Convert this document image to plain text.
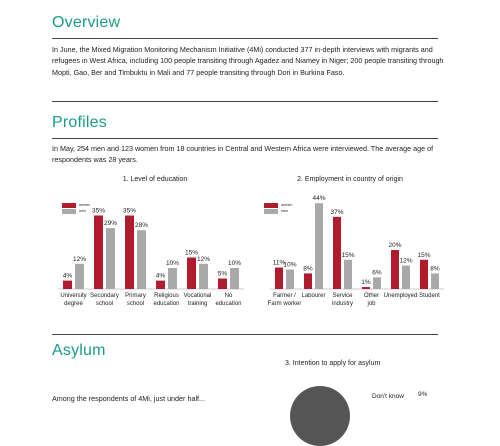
Overview

In June, the Mixed Migration Monitoring Mechanism Initiative (4Mi) conducted 377 in-depth interviews with migrants and refugees in West Africa, including 100 people transiting through Agadez and Niamey in Niger; 200 people transiting through Mopti, Gao, Ber and Timbuktu in Mali and 77 people transiting through Dori in Burkina Faso.

Profiles

In May, 254 men and 123 women from 18 countries in Central and Western Africa were interviewed. The average age of respondents was 28 years.

1. Level of education	2. Employment in country of origin
4%
12%
University
degree
35%
29%
Secondary
school
35%
28%
Primary
school
4%
10%
Religious
education
15%
12%
Vocational
training
5%
10%
No
education
11%
10%
Farmer /
Farm worker
8%
44%
Labourer
37%
15%
Service
industry
1%
6%
Other
job
20%
12%
Unemployed
15%
8%
Student
women
men
women
men
Asylum
3. Intention to apply for asylum

Among the respondents of 4Mi, just under half...	Don't know 9%
